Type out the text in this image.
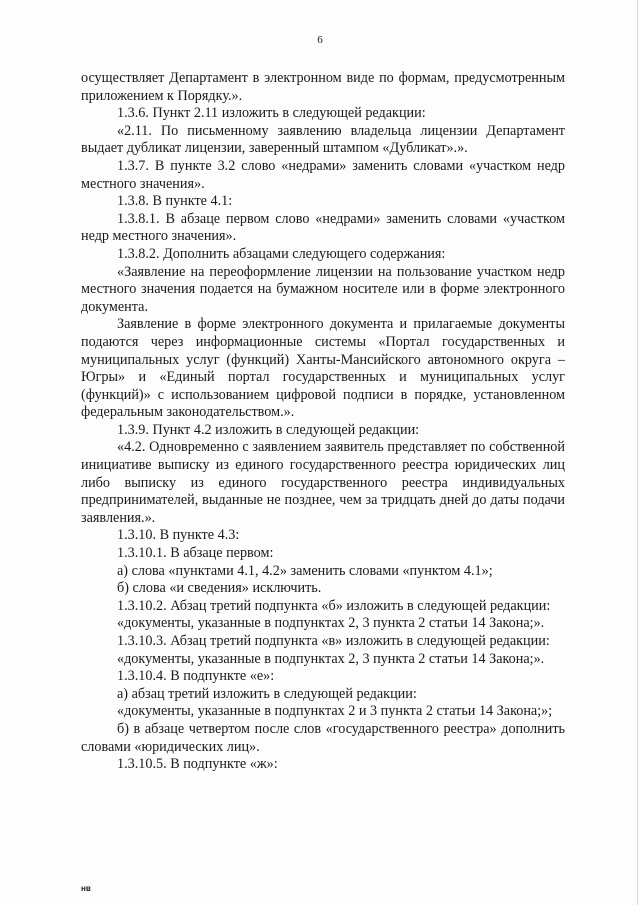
6

осуществляет Департамент в электронном виде по формам, предусмотренным приложением к Порядку.».

1.3.6. Пункт 2.11 изложить в следующей редакции:

«2.11. По письменному заявлению владельца лицензии Департамент выдает дубликат лицензии, заверенный штампом «Дубликат».».

1.3.7. В пункте 3.2 слово «недрами» заменить словами «участком недр местного значения».

1.3.8. В пункте 4.1:

1.3.8.1. В абзаце первом слово «недрами» заменить словами «участком недр местного значения».

1.3.8.2. Дополнить абзацами следующего содержания:

«Заявление на переоформление лицензии на пользование участком недр местного значения подается на бумажном носителе или в форме электронного документа.

Заявление в форме электронного документа и прилагаемые документы подаются через информационные системы «Портал государственных и муниципальных услуг (функций) Ханты-Мансийского автономного округа – Югры» и «Единый портал государственных и муниципальных услуг (функций)» с использованием цифровой подписи в порядке, установленном федеральным законодательством.».

1.3.9. Пункт 4.2 изложить в следующей редакции:

«4.2. Одновременно с заявлением заявитель представляет по собственной инициативе выписку из единого государственного реестра юридических лиц либо выписку из единого государственного реестра индивидуальных предпринимателей, выданные не позднее, чем за тридцать дней до даты подачи заявления.».

1.3.10. В пункте 4.3:

1.3.10.1. В абзаце первом:

а) слова «пунктами 4.1, 4.2» заменить словами «пунктом 4.1»;

б) слова «и сведения» исключить.

1.3.10.2. Абзац третий подпункта «б» изложить в следующей редакции:

«документы, указанные в подпунктах 2, 3 пункта 2 статьи 14 Закона;».

1.3.10.3. Абзац третий подпункта «в» изложить в следующей редакции:

«документы, указанные в подпунктах 2, 3 пункта 2 статьи 14 Закона;».

1.3.10.4. В подпункте «е»:

а) абзац третий изложить в следующей редакции:

«документы, указанные в подпунктах 2 и 3 пункта 2 статьи 14 Закона;»;

б) в абзаце четвертом после слов «государственного реестра» дополнить словами «юридических лиц».

1.3.10.5. В подпункте «ж»:

нв
